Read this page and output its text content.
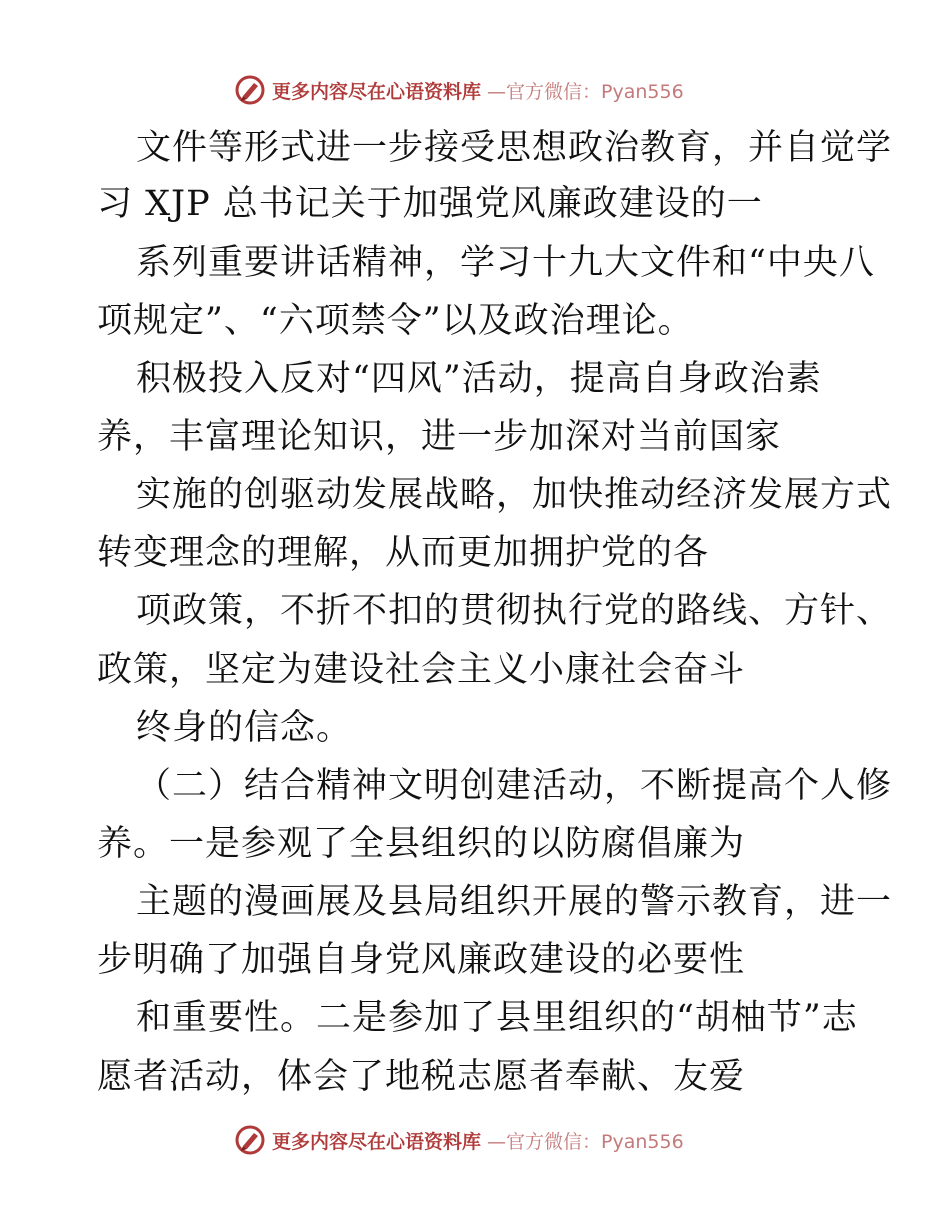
更多内容尽在心语资料库 —官方微信：Pyan556
文件等形式进一步接受思想政治教育，并自觉学
习 XJP 总书记关于加强党风廉政建设的一
系列重要讲话精神，学习十九大文件和“中央八
项规定”、“六项禁令”以及政治理论。
积极投入反对“四风”活动，提高自身政治素
养，丰富理论知识，进一步加深对当前国家
实施的创驱动发展战略，加快推动经济发展方式
转变理念的理解，从而更加拥护党的各
项政策，不折不扣的贯彻执行党的路线、方针、
政策，坚定为建设社会主义小康社会奋斗
终身的信念。
（二）结合精神文明创建活动，不断提高个人修
养。一是参观了全县组织的以防腐倡廉为
主题的漫画展及县局组织开展的警示教育，进一
步明确了加强自身党风廉政建设的必要性
和重要性。二是参加了县里组织的“胡柚节”志
愿者活动，体会了地税志愿者奉献、友爱
更多内容尽在心语资料库 —官方微信：Pyan556
